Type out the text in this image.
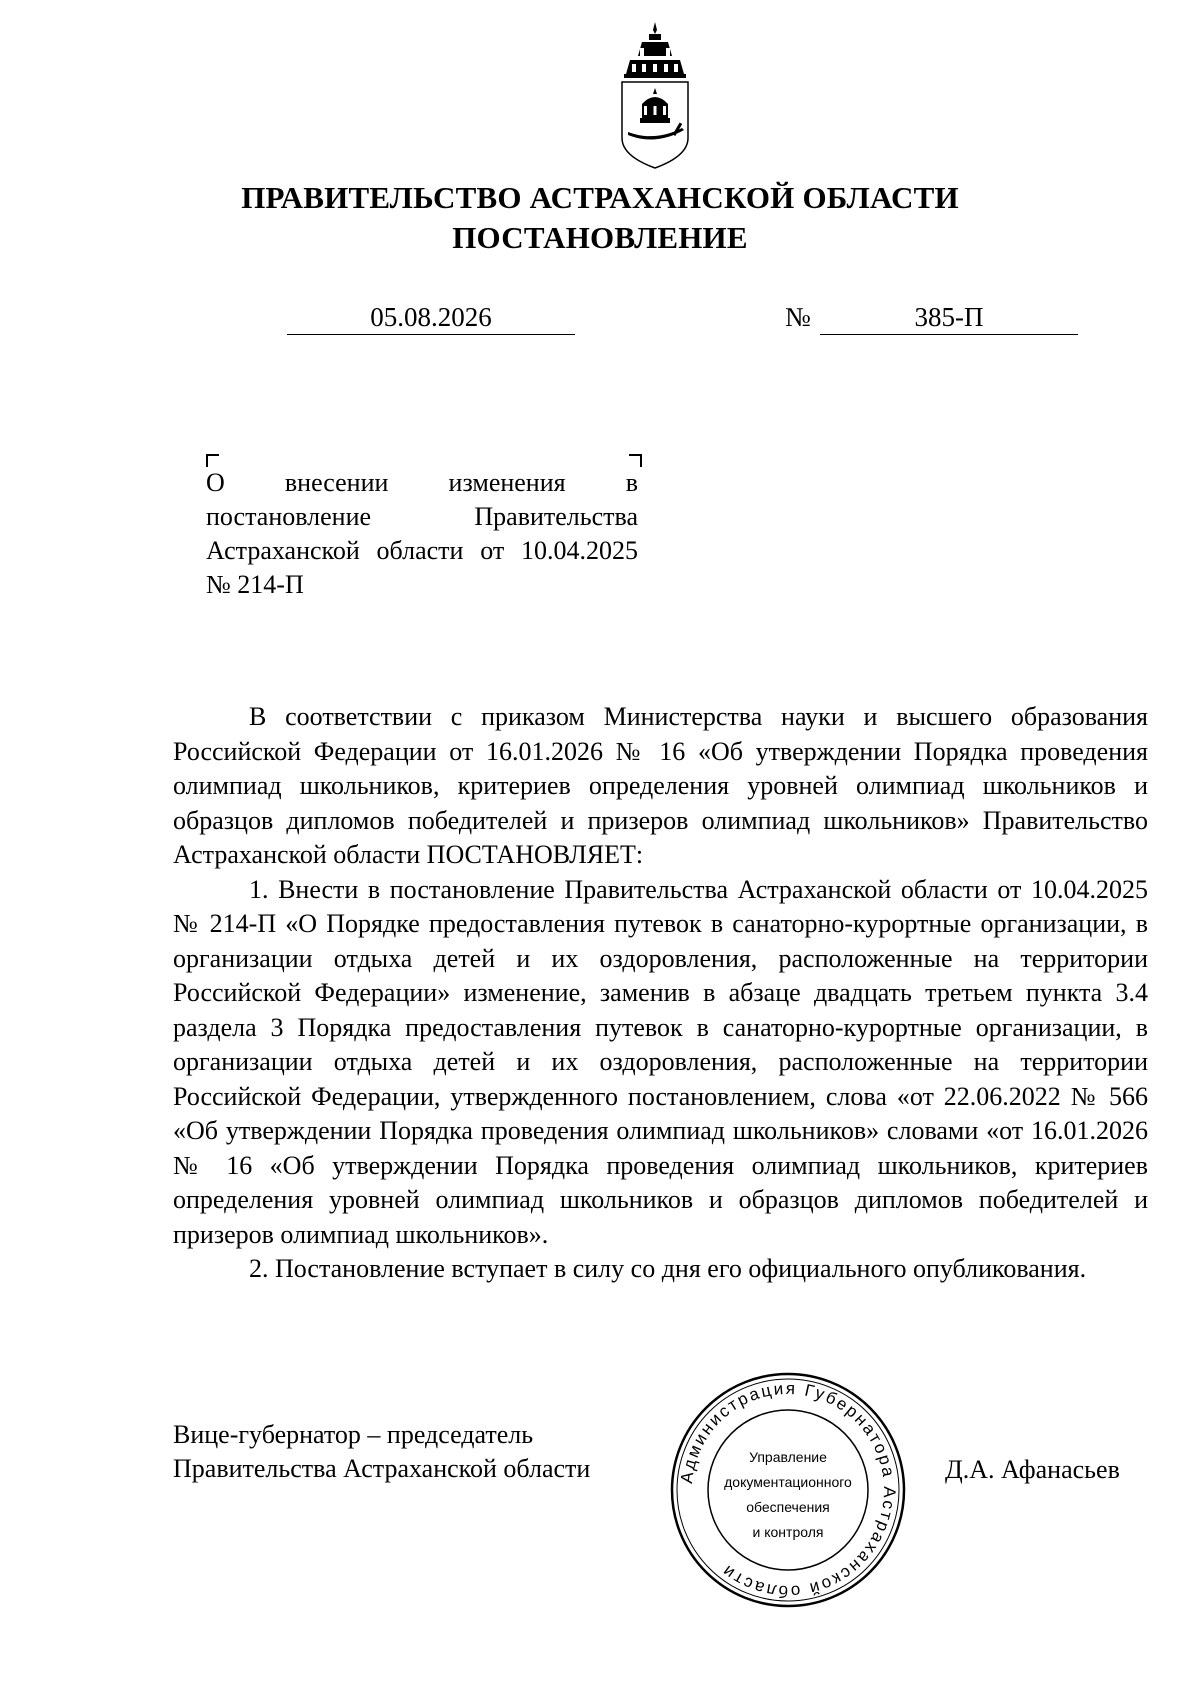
ПРАВИТЕЛЬСТВО АСТРАХАНСКОЙ ОБЛАСТИ
ПОСТАНОВЛЕНИЕ
05.08.2026	№	385-П
О внесении изменения в постановление Правительства Астраханской области от 10.04.2025 № 214-П

В соответствии с приказом Министерства науки и высшего образования Российской Федерации от 16.01.2026 № 16 «Об утверждении Порядка проведения олимпиад школьников, критериев определения уровней олимпиад школьников и образцов дипломов победителей и призеров олимпиад школьников» Правительство Астраханской области ПОСТАНОВЛЯЕТ:

1. Внести в постановление Правительства Астраханской области от 10.04.2025 № 214-П «О Порядке предоставления путевок в санаторно-курортные организации, в организации отдыха детей и их оздоровления, расположенные на территории Российской Федерации» изменение, заменив в абзаце двадцать третьем пункта 3.4 раздела 3 Порядка предоставления путевок в санаторно-курортные организации, в организации отдыха детей и их оздоровления, расположенные на территории Российской Федерации, утвержденного постановлением, слова «от 22.06.2022 № 566 «Об утверждении Порядка проведения олимпиад школьников» словами «от 16.01.2026 № 16 «Об утверждении Порядка проведения олимпиад школьников, критериев определения уровней олимпиад школьников и образцов дипломов победителей и призеров олимпиад школьников».

2. Постановление вступает в силу со дня его официального опубликования.

Вице-губернатор – председатель
Правительства Астраханской области	Д.А. Афанасьев
Администрация Губернатора Астраханской области
Управление
документационного
обеспечения
и контроля
